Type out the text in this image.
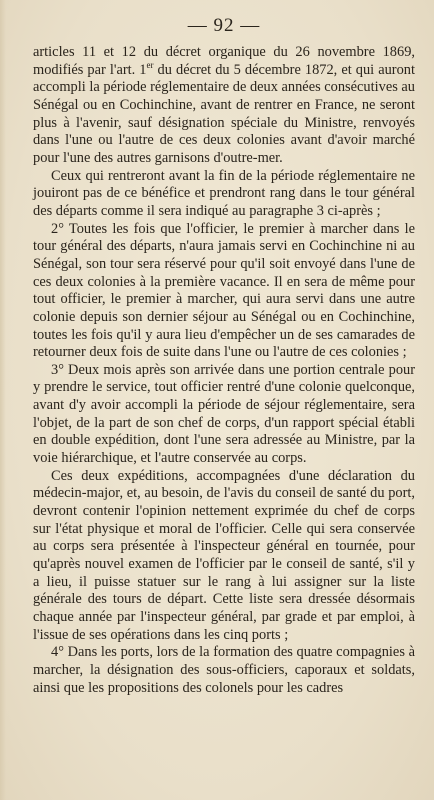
— 92 —

articles 11 et 12 du décret organique du 26 novembre 1869, modifiés par l'art. 1er du décret du 5 décembre 1872, et qui auront accompli la période réglementaire de deux années consécutives au Sénégal ou en Cochinchine, avant de rentrer en France, ne seront plus à l'avenir, sauf désignation spéciale du Ministre, renvoyés dans l'une ou l'autre de ces deux colonies avant d'avoir marché pour l'une des autres garnisons d'outre-mer.

Ceux qui rentreront avant la fin de la période réglementaire ne jouiront pas de ce bénéfice et prendront rang dans le tour général des départs comme il sera indiqué au paragraphe 3 ci-après ;

2° Toutes les fois que l'officier, le premier à marcher dans le tour général des départs, n'aura jamais servi en Cochinchine ni au Sénégal, son tour sera réservé pour qu'il soit envoyé dans l'une de ces deux colonies à la première vacance. Il en sera de même pour tout officier, le premier à marcher, qui aura servi dans une autre colonie depuis son dernier séjour au Sénégal ou en Cochinchine, toutes les fois qu'il y aura lieu d'empêcher un de ses camarades de retourner deux fois de suite dans l'une ou l'autre de ces colonies ;

3° Deux mois après son arrivée dans une portion centrale pour y prendre le service, tout officier rentré d'une colonie quelconque, avant d'y avoir accompli la période de séjour réglementaire, sera l'objet, de la part de son chef de corps, d'un rapport spécial établi en double expédition, dont l'une sera adressée au Ministre, par la voie hiérarchique, et l'autre conservée au corps.

Ces deux expéditions, accompagnées d'une déclaration du médecin-major, et, au besoin, de l'avis du conseil de santé du port, devront contenir l'opinion nettement exprimée du chef de corps sur l'état physique et moral de l'officier. Celle qui sera conservée au corps sera présentée à l'inspecteur général en tournée, pour qu'après nouvel examen de l'officier par le conseil de santé, s'il y a lieu, il puisse statuer sur le rang à lui assigner sur la liste générale des tours de départ. Cette liste sera dressée désormais chaque année par l'inspecteur général, par grade et par emploi, à l'issue de ses opérations dans les cinq ports ;

4° Dans les ports, lors de la formation des quatre compagnies à marcher, la désignation des sous-officiers, caporaux et soldats, ainsi que les propositions des colonels pour les cadres
